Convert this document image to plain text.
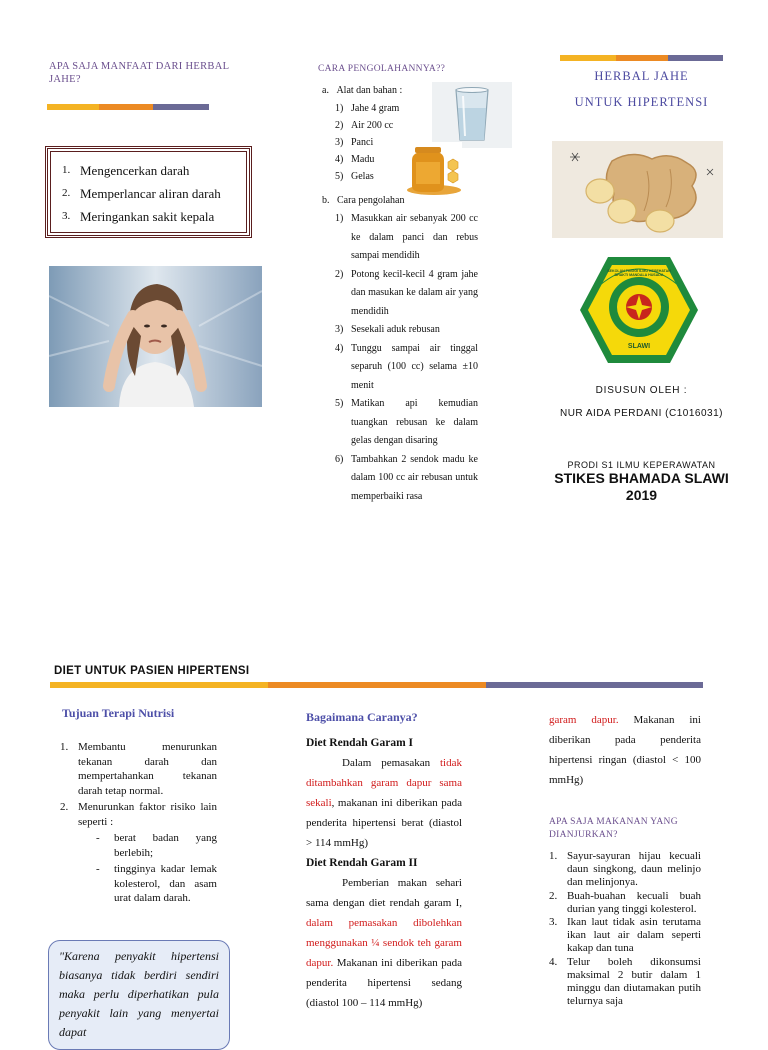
APA SAJA MANFAAT DARI HERBAL JAHE?
1. Mengencerkan darah
2. Memperlancar aliran darah
3. Meringankan sakit kepala
CARA PENGOLAHANNYA??
a. Alat dan bahan :
1) Jahe 4 gram
2) Air 200 cc
3) Panci
4) Madu
5) Gelas
b. Cara pengolahan
1) Masukkan air sebanyak 200 cc ke dalam panci dan rebus sampai mendidih
2) Potong kecil-kecil 4 gram jahe dan masukan ke dalam air yang mendidih
3) Sesekali aduk rebusan
4) Tunggu sampai air tinggal separuh (100 cc) selama ±10 menit
5) Matikan api kemudian tuangkan rebusan ke dalam gelas dengan disaring
6) Tambahkan 2 sendok madu ke dalam 100 cc air rebusan untuk memperbaiki rasa
HERBAL JAHE
UNTUK HIPERTENSI
SEKOLAH TINGGI ILMU KESEHATAN BHAKTI MANDALA HUSADA
SLAWI
DISUSUN OLEH :
NUR AIDA PERDANI (C1016031)
PRODI S1 ILMU KEPERAWATAN
STIKES BHAMADA SLAWI
2019
DIET UNTUK PASIEN HIPERTENSI
Tujuan Terapi Nutrisi
1. Membantu menurunkan tekanan darah dan mempertahankan tekanan darah tetap normal.
2. Menurunkan faktor risiko lain seperti :
-	berat badan yang berlebih;
-	tingginya kadar lemak kolesterol, dan asam urat dalam darah.

"Karena penyakit hipertensi biasanya tidak berdiri sendiri maka perlu diperhatikan pula penyakit lain yang menyertai dapat

Bagaimana Caranya?

Diet Rendah Garam I

Dalam pemasakan tidak ditambahkan garam dapur sama sekali, makanan ini diberikan pada penderita hipertensi berat (diastol > 114 mmHg)

Diet Rendah Garam II

Pemberian makan sehari sama dengan diet rendah garam I, dalam pemasakan dibolehkan menggunakan ¼ sendok teh garam dapur. Makanan ini diberikan pada penderita hipertensi sedang (diastol 100 – 114 mmHg)

garam dapur. Makanan ini diberikan pada penderita hipertensi ringan (diastol < 100 mmHg)

APA SAJA MAKANAN YANG DIANJURKAN?
1. Sayur-sayuran hijau kecuali daun singkong, daun melinjo dan melinjonya.
2. Buah-buahan kecuali buah durian yang tinggi kolesterol.
3. Ikan laut tidak asin terutama ikan laut air dalam seperti kakap dan tuna
4. Telur boleh dikonsumsi maksimal 2 butir dalam 1 minggu dan diutamakan putih telurnya saja
